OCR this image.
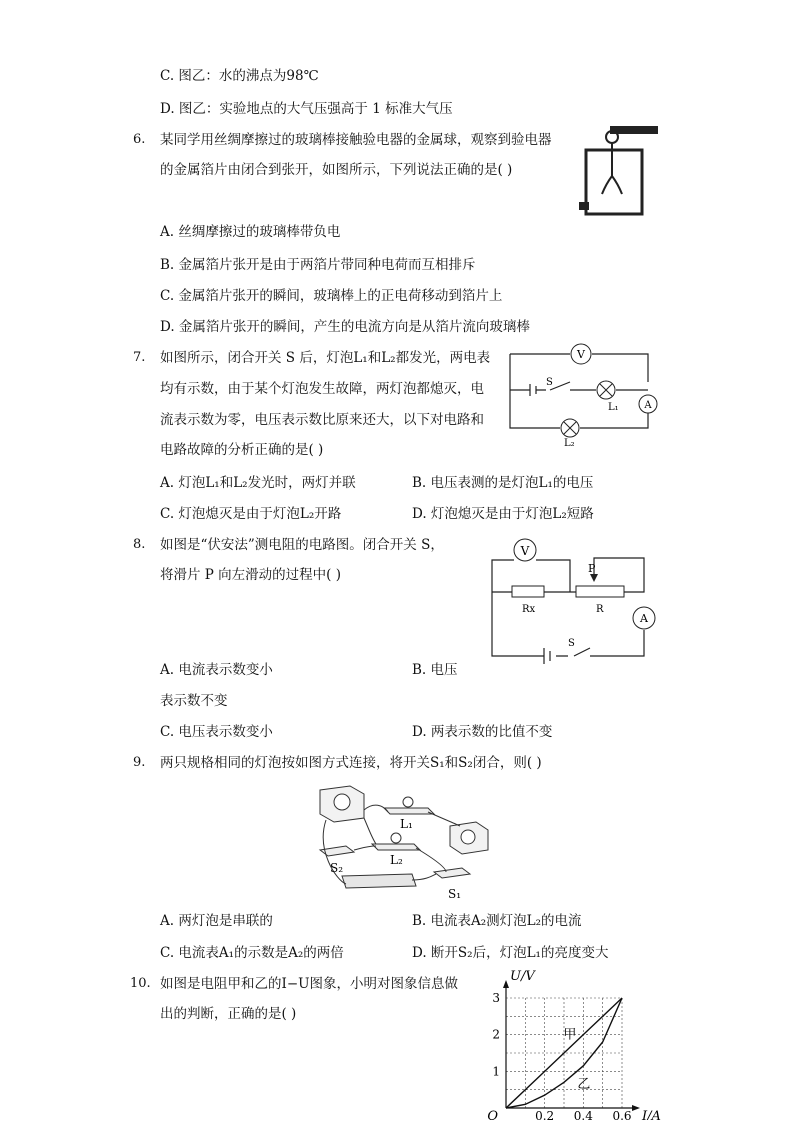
C. 图乙：水的沸点为98℃
D. 图乙：实验地点的大气压强高于 1 标准大气压
6. 某同学用丝绸摩擦过的玻璃棒接触验电器的金属球，观察到验电器
的金属箔片由闭合到张开，如图所示，下列说法正确的是( )
A. 丝绸摩擦过的玻璃棒带负电
B. 金属箔片张开是由于两箔片带同种电荷而互相排斥
C. 金属箔片张开的瞬间，玻璃棒上的正电荷移动到箔片上
D. 金属箔片张开的瞬间，产生的电流方向是从箔片流向玻璃棒
7. 如图所示，闭合开关 S 后，灯泡L₁和L₂都发光，两电表
均有示数，由于某个灯泡发生故障，两灯泡都熄灭，电
流表示数为零，电压表示数比原来还大，以下对电路和
电路故障的分析正确的是( )
A. 灯泡L₁和L₂发光时，两灯并联	B. 电压表测的是灯泡L₁的电压
C. 灯泡熄灭是由于灯泡L₂开路	D. 灯泡熄灭是由于灯泡L₂短路
V
S
L₁	A
L₂
8. 如图是“伏安法”测电阻的电路图。闭合开关 S，
将滑片 P 向左滑动的过程中( )
A. 电流表示数变小	B. 电压
表示数不变
C. 电压表示数变小	D. 两表示数的比值不变
V
Rx	R
P
A
S
9. 两只规格相同的灯泡按如图方式连接，将开关S₁和S₂闭合，则( )
L₁
L₂
S₂
S₁
A. 两灯泡是串联的	B. 电流表A₂测灯泡L₂的电流
C. 电流表A₁的示数是A₂的两倍	D. 断开S₂后，灯泡L₁的亮度变大
10. 如图是电阻甲和乙的I−U图象，小明对图象信息做
出的判断，正确的是( )
0.2 0.4 0.6
1
2
3
O	I/A
U/V
甲
乙
